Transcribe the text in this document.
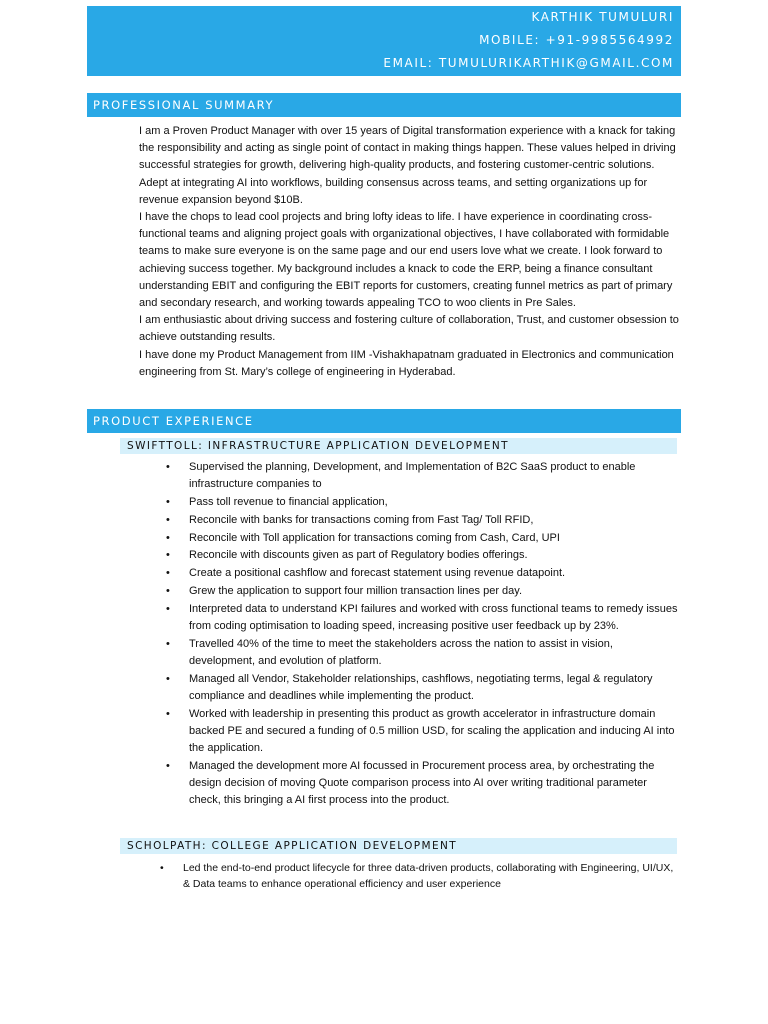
KARTHIK TUMULURI
MOBILE: +91-9985564992
EMAIL: TUMULURIKARTHIK@GMAIL.COM
PROFESSIONAL SUMMARY

I am a Proven Product Manager with over 15 years of Digital transformation experience with a knack for taking the responsibility and acting as single point of contact in making things happen. These values helped in driving successful strategies for growth, delivering high-quality products, and fostering customer-centric solutions. Adept at integrating AI into workflows, building consensus across teams, and setting organizations up for revenue expansion beyond $10B.

I have the chops to lead cool projects and bring lofty ideas to life. I have experience in coordinating cross-functional teams and aligning project goals with organizational objectives, I have collaborated with formidable teams to make sure everyone is on the same page and our end users love what we create. I look forward to achieving success together. My background includes a knack to code the ERP, being a finance consultant understanding EBIT and configuring the EBIT reports for customers, creating funnel metrics as part of primary and secondary research, and working towards appealing TCO to woo clients in Pre Sales.

I am enthusiastic about driving success and fostering culture of collaboration, Trust, and customer obsession to achieve outstanding results.

I have done my Product Management from IIM -Vishakhapatnam graduated in Electronics and communication engineering from St. Mary’s college of engineering in Hyderabad.

PRODUCT EXPERIENCE
SWIFTTOLL: INFRASTRUCTURE APPLICATION DEVELOPMENT
• Supervised the planning, Development, and Implementation of B2C SaaS product to enable infrastructure companies to
• Pass toll revenue to financial application,
• Reconcile with banks for transactions coming from Fast Tag/ Toll RFID,
• Reconcile with Toll application for transactions coming from Cash, Card, UPI
• Reconcile with discounts given as part of Regulatory bodies offerings.
• Create a positional cashflow and forecast statement using revenue datapoint.
• Grew the application to support four million transaction lines per day.
• Interpreted data to understand KPI failures and worked with cross functional teams to remedy issues from coding optimisation to loading speed, increasing positive user feedback up by 23%.
• Travelled 40% of the time to meet the stakeholders across the nation to assist in vision, development, and evolution of platform.
• Managed all Vendor, Stakeholder relationships, cashflows, negotiating terms, legal & regulatory compliance and deadlines while implementing the product.
• Worked with leadership in presenting this product as growth accelerator in infrastructure domain backed PE and secured a funding of 0.5 million USD, for scaling the application and inducing AI into the application.
• Managed the development more AI focussed in Procurement process area, by orchestrating the design decision of moving Quote comparison process into AI over writing traditional parameter check, this bringing a AI first process into the product.
SCHOLPATH: COLLEGE APPLICATION DEVELOPMENT
• Led the end-to-end product lifecycle for three data-driven products, collaborating with Engineering, UI/UX, & Data teams to enhance operational efficiency and user experience
